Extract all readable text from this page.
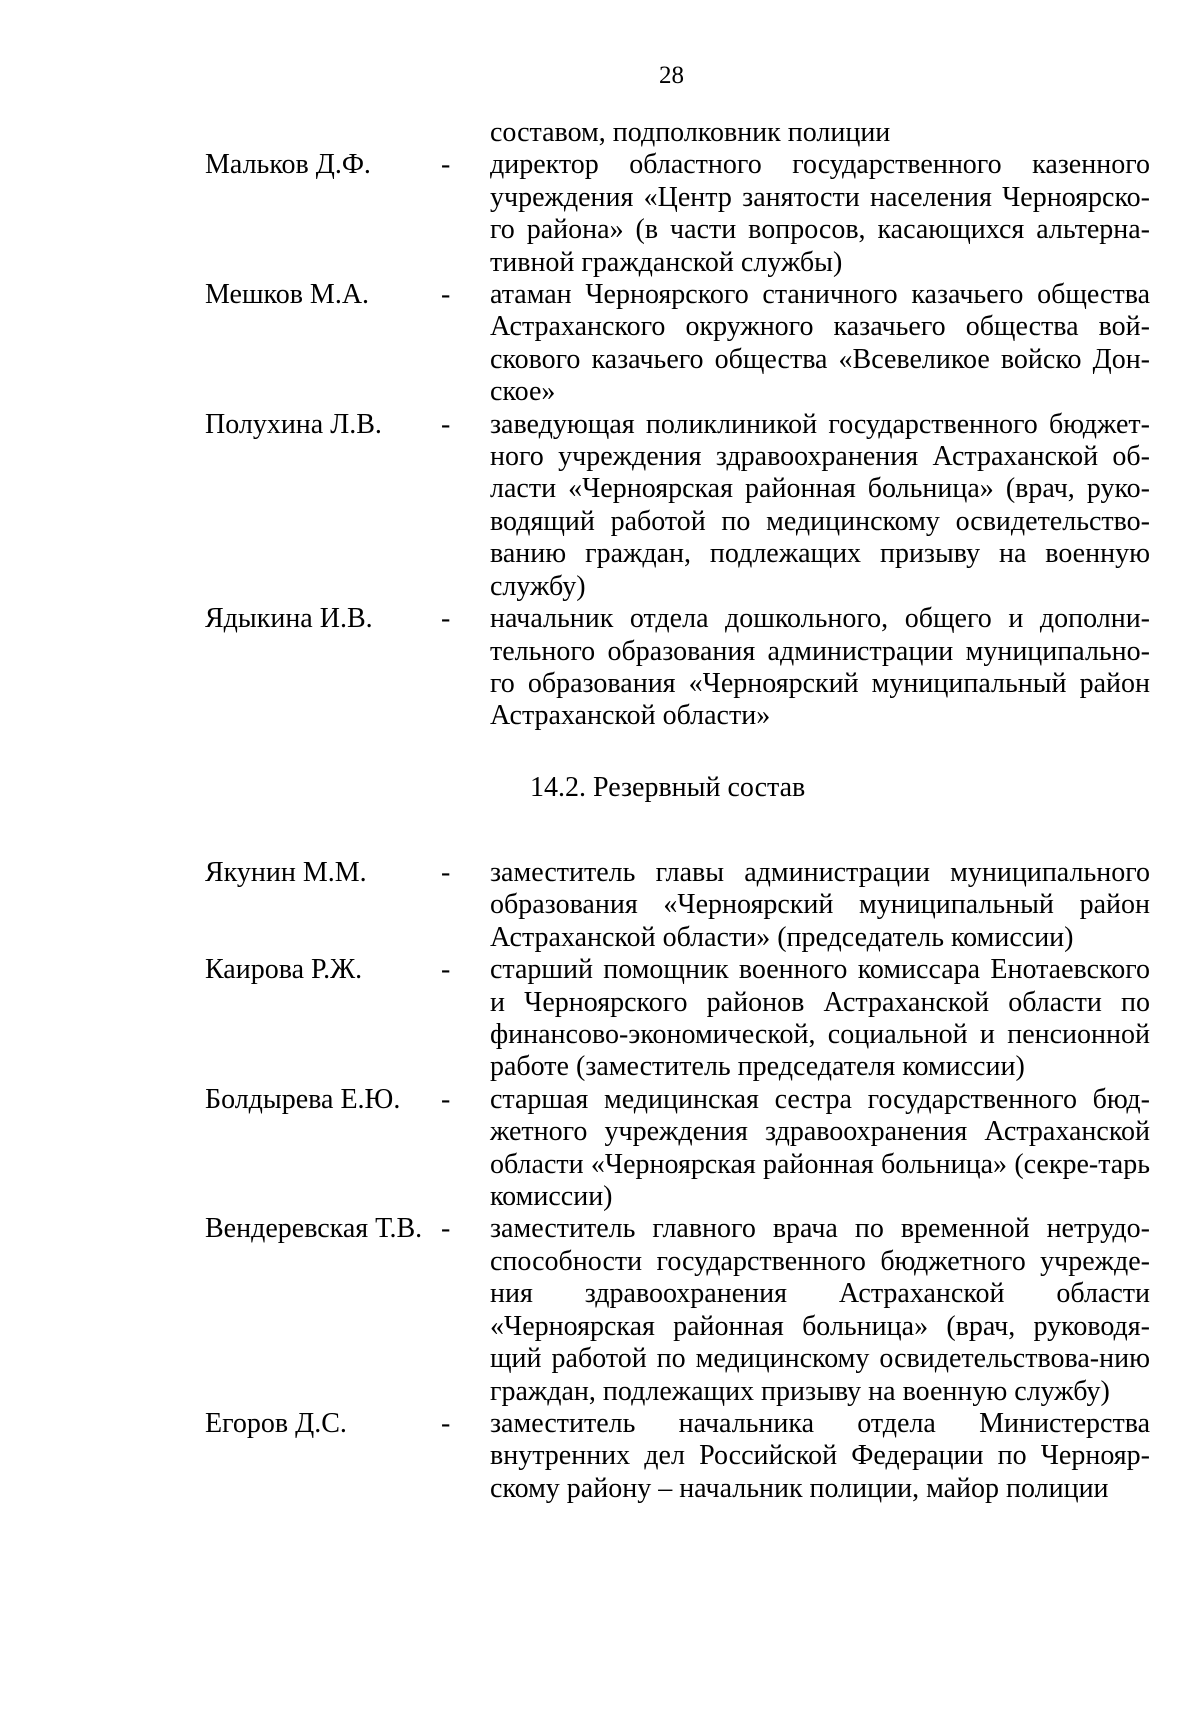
28
составом, подполковник полиции
Мальков Д.Ф.	-	директор областного государственного казенного учреждения «Центр занятости населения Черноярско-го района» (в части вопросов, касающихся альтерна-тивной гражданской службы)
Мешков М.А.	-	атаман Черноярского станичного казачьего общества Астраханского окружного казачьего общества вой-скового казачьего общества «Всевеликое войско Дон-ское»
Полухина Л.В.	-	заведующая поликлиникой государственного бюджет-ного учреждения здравоохранения Астраханской об-ласти «Черноярская районная больница» (врач, руко-водящий работой по медицинскому освидетельство-ванию граждан, подлежащих призыву на военную службу)
Ядыкина И.В.	-	начальник отдела дошкольного, общего и дополни-тельного образования администрации муниципально-го образования «Черноярский муниципальный район Астраханской области»
14.2. Резервный состав
Якунин М.М.	-	заместитель главы администрации муниципального образования «Черноярский муниципальный район Астраханской области» (председатель комиссии)
Каирова Р.Ж.	-	старший помощник военного комиссара Енотаевского и Черноярского районов Астраханской области по финансово-экономической, социальной и пенсионной работе (заместитель председателя комиссии)
Болдырева Е.Ю.	-	старшая медицинская сестра государственного бюд-жетного учреждения здравоохранения Астраханской области «Черноярская районная больница» (секре-тарь комиссии)
Вендеревская Т.В. -	заместитель главного врача по временной нетрудо-способности государственного бюджетного учрежде-ния здравоохранения Астраханской области «Черноярская районная больница» (врач, руководя-щий работой по медицинскому освидетельствова-нию граждан, подлежащих призыву на военную службу)
Егоров Д.С.	-	заместитель начальника отдела Министерства внутренних дел Российской Федерации по Чернояр-скому району – начальник полиции, майор полиции
